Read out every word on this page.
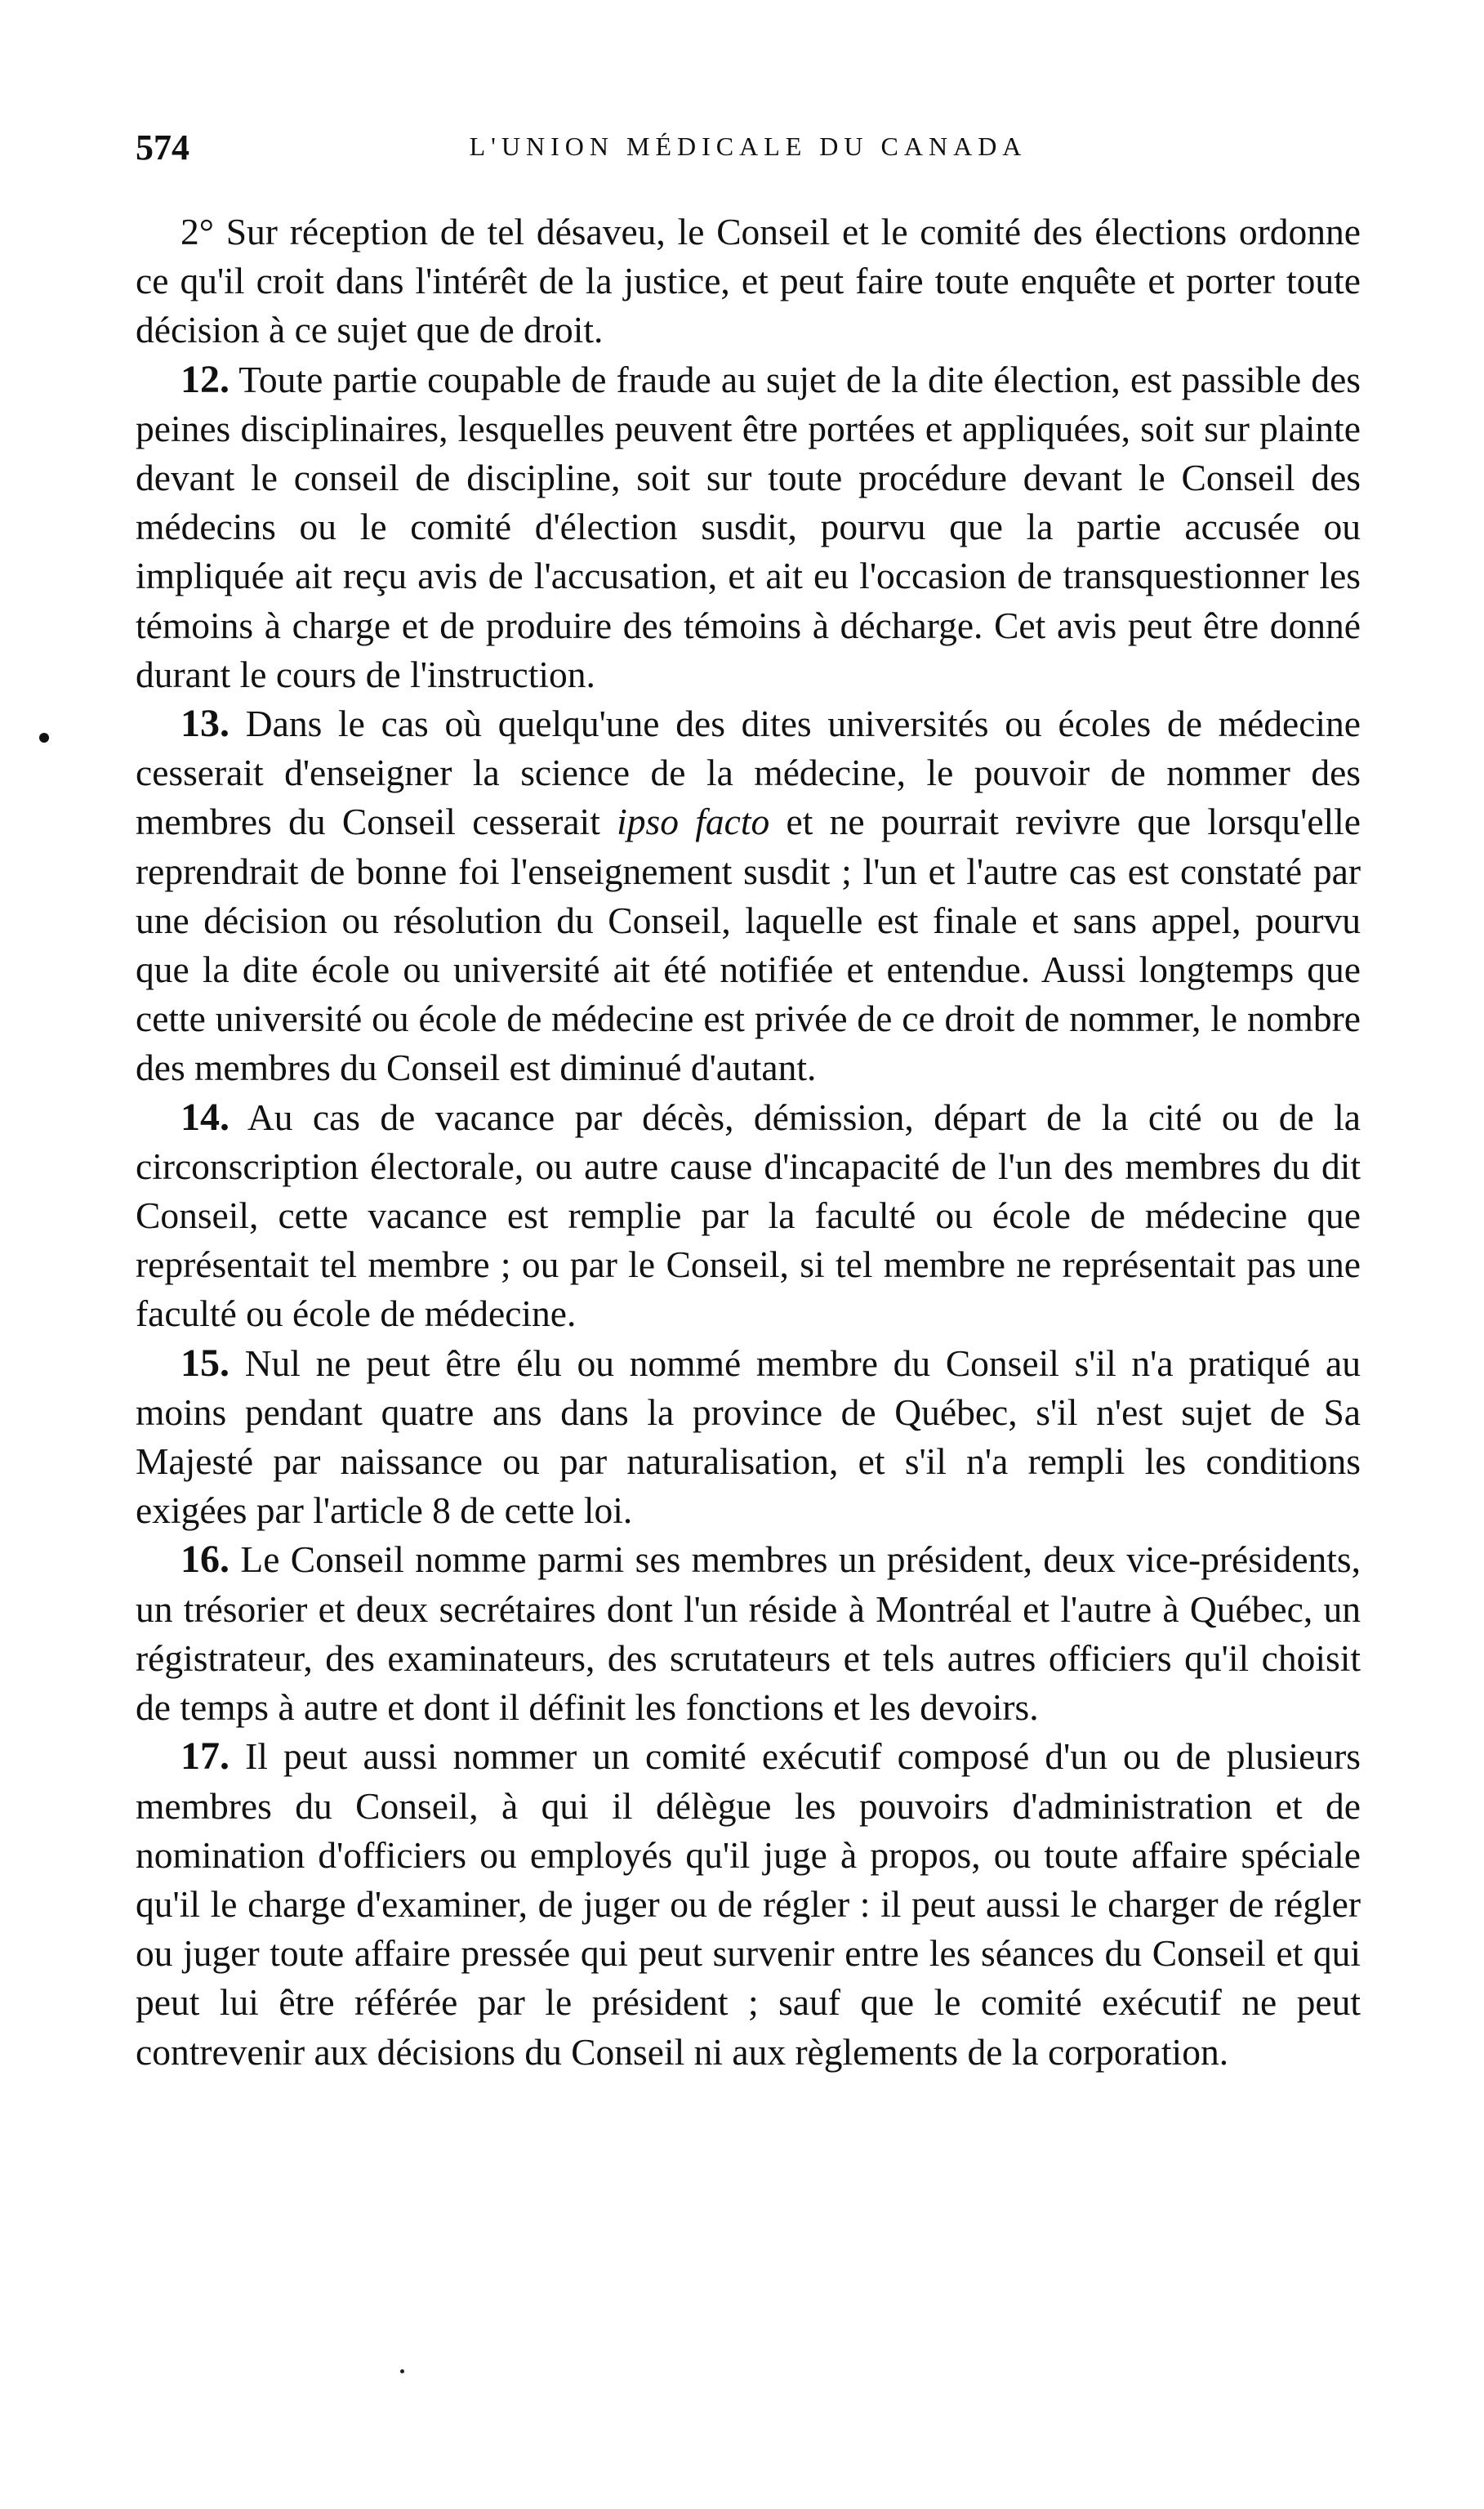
574	L'UNION MÉDICALE DU CANADA

2° Sur réception de tel désaveu, le Conseil et le comité des élections ordonne ce qu'il croit dans l'intérêt de la justice, et peut faire toute enquête et porter toute décision à ce sujet que de droit.

12. Toute partie coupable de fraude au sujet de la dite élection, est passible des peines disciplinaires, lesquelles peuvent être portées et appliquées, soit sur plainte devant le conseil de discipline, soit sur toute procédure devant le Conseil des médecins ou le comité d'élection susdit, pourvu que la partie accusée ou impliquée ait reçu avis de l'accusation, et ait eu l'occasion de transquestionner les témoins à charge et de produire des témoins à décharge. Cet avis peut être donné durant le cours de l'instruction.

13. Dans le cas où quelqu'une des dites universités ou écoles de médecine cesserait d'enseigner la science de la médecine, le pouvoir de nommer des membres du Conseil cesserait ipso facto et ne pourrait revivre que lorsqu'elle reprendrait de bonne foi l'enseignement susdit ; l'un et l'autre cas est constaté par une décision ou résolution du Conseil, laquelle est finale et sans appel, pourvu que la dite école ou université ait été notifiée et entendue. Aussi longtemps que cette université ou école de médecine est privée de ce droit de nommer, le nombre des membres du Conseil est diminué d'autant.

14. Au cas de vacance par décès, démission, départ de la cité ou de la circonscription électorale, ou autre cause d'incapacité de l'un des membres du dit Conseil, cette vacance est remplie par la faculté ou école de médecine que représentait tel membre ; ou par le Conseil, si tel membre ne représentait pas une faculté ou école de médecine.

15. Nul ne peut être élu ou nommé membre du Conseil s'il n'a pratiqué au moins pendant quatre ans dans la province de Québec, s'il n'est sujet de Sa Majesté par naissance ou par naturalisation, et s'il n'a rempli les conditions exigées par l'article 8 de cette loi.

16. Le Conseil nomme parmi ses membres un président, deux vice-présidents, un trésorier et deux secrétaires dont l'un réside à Montréal et l'autre à Québec, un régistrateur, des examinateurs, des scrutateurs et tels autres officiers qu'il choisit de temps à autre et dont il définit les fonctions et les devoirs.

17. Il peut aussi nommer un comité exécutif composé d'un ou de plusieurs membres du Conseil, à qui il délègue les pouvoirs d'administration et de nomination d'officiers ou employés qu'il juge à propos, ou toute affaire spéciale qu'il le charge d'examiner, de juger ou de régler : il peut aussi le charger de régler ou juger toute affaire pressée qui peut survenir entre les séances du Conseil et qui peut lui être référée par le président ; sauf que le comité exécutif ne peut contrevenir aux décisions du Conseil ni aux règlements de la corporation.
